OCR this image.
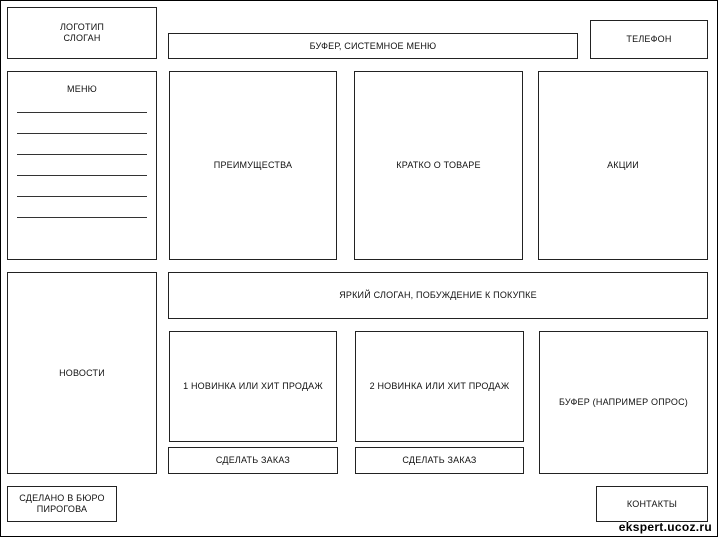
ЛОГОТИП
СЛОГАН
БУФЕР, СИСТЕМНОЕ МЕНЮ
ТЕЛЕФОН
МЕНЮ
ПРЕИМУЩЕСТВА	КРАТКО О ТОВАРЕ	АКЦИИ
НОВОСТИ
ЯРКИЙ СЛОГАН, ПОБУЖДЕНИЕ К ПОКУПКЕ
1 НОВИНКА ИЛИ ХИТ ПРОДАЖ	2 НОВИНКА ИЛИ ХИТ ПРОДАЖ
БУФЕР (НАПРИМЕР ОПРОС)
СДЕЛАТЬ ЗАКАЗ	СДЕЛАТЬ ЗАКАЗ
СДЕЛАНО В БЮРО
ПИРОГОВА
КОНТАКТЫ
ekspert.ucoz.ru
